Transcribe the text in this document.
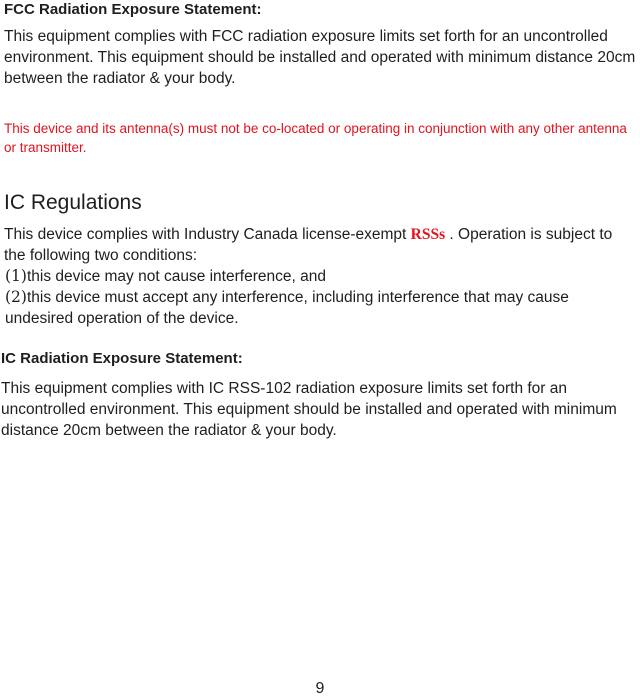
FCC Radiation Exposure Statement:
This equipment complies with FCC radiation exposure limits set forth for an uncontrolled environment. This equipment should be installed and operated with minimum distance 20cm between the radiator & your body.
This device and its antenna(s) must not be co-located or operating in conjunction with any other antenna or transmitter.
IC Regulations
This device complies with Industry Canada license-exempt RSSs . Operation is subject to the following two conditions:
(1)this device may not cause interference, and
(2)this device must accept any interference, including interference that may cause undesired operation of the device.
IC Radiation Exposure Statement:
This equipment complies with IC RSS-102 radiation exposure limits set forth for an uncontrolled environment. This equipment should be installed and operated with minimum distance 20cm between the radiator & your body.
9
